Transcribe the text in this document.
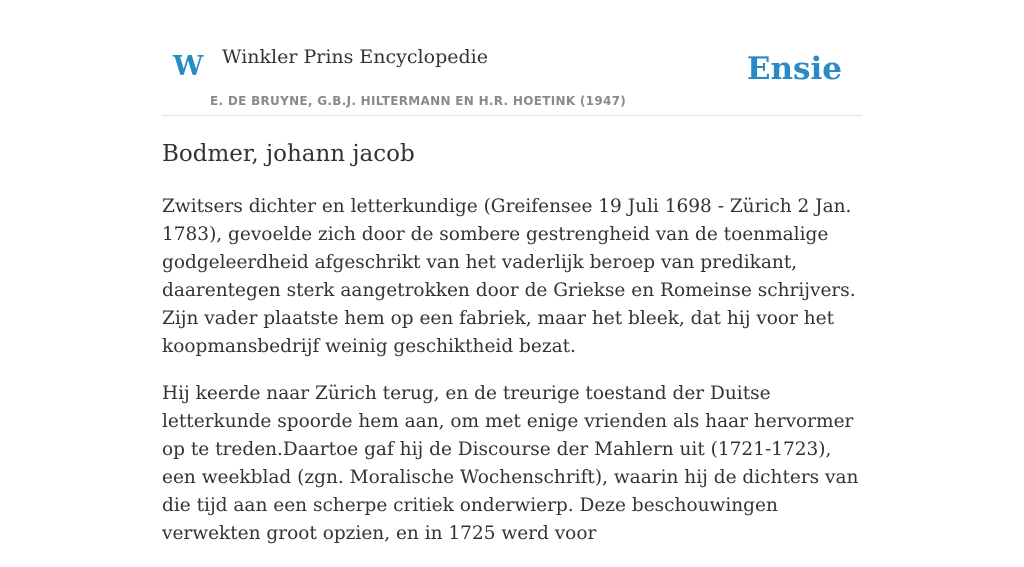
W Winkler Prins Encyclopedie
E. DE BRUYNE, G.B.J. HILTERMANN EN H.R. HOETINK (1947)
Ensie
Bodmer, johann jacob

Zwitsers dichter en letterkundige (Greifensee 19 Juli 1698 - Zürich 2 Jan. 1783), gevoelde zich door de sombere gestrengheid van de toenmalige godgeleerdheid afgeschrikt van het vaderlijk beroep van predikant, daarentegen sterk aangetrokken door de Griekse en Romeinse schrijvers. Zijn vader plaatste hem op een fabriek, maar het bleek, dat hij voor het koopmansbedrijf weinig geschiktheid bezat.

Hij keerde naar Zürich terug, en de treurige toestand der Duitse letterkunde spoorde hem aan, om met enige vrienden als haar hervormer op te treden.Daartoe gaf hij de Discourse der Mahlern uit (1721-1723), een weekblad (zgn. Moralische Wochenschrift), waarin hij de dichters van die tijd aan een scherpe critiek onderwierp. Deze beschouwingen verwekten groot opzien, en in 1725 werd voor
